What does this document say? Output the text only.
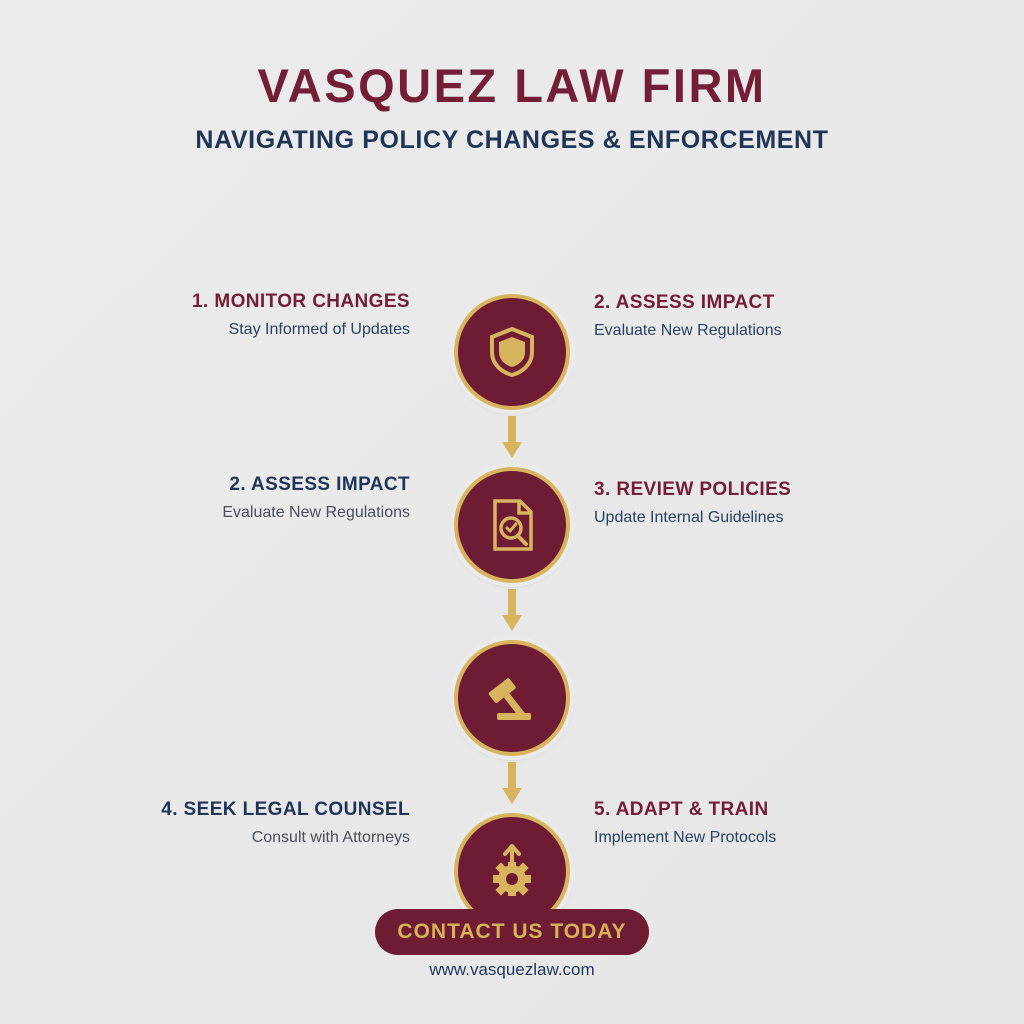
VASQUEZ LAW FIRM
NAVIGATING POLICY CHANGES & ENFORCEMENT

1. MONITOR CHANGES

Stay Informed of Updates

2. ASSESS IMPACT

Evaluate New Regulations

2. ASSESS IMPACT

Evaluate New Regulations

3. REVIEW POLICIES

Update Internal Guidelines

4. SEEK LEGAL COUNSEL

Consult with Attorneys

5. ADAPT & TRAIN

Implement New Protocols

CONTACT US TODAY
www.vasquezlaw.com
